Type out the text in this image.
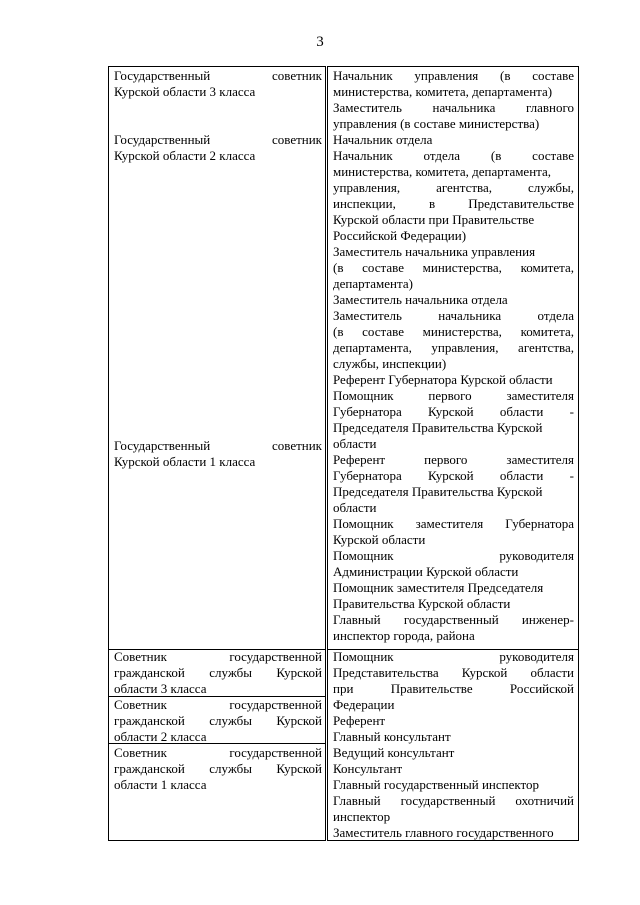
3
Государственный советник
Курской области 3 класса
Государственный советник
Курской области 2 класса
Государственный советник
Курской области 1 класса
Советник государственной
гражданской службы Курской
области 3 класса
Советник государственной
гражданской службы Курской
области 2 класса
Советник государственной
гражданской службы Курской
области 1 класса
Начальник управления (в составе
министерства, комитета, департамента)
Заместитель начальника главного
управления (в составе министерства)
Начальник отдела
Начальник отдела (в составе
министерства, комитета, департамента,
управления, агентства, службы,
инспекции, в Представительстве
Курской области при Правительстве
Российской Федерации)
Заместитель начальника управления
(в составе министерства, комитета,
департамента)
Заместитель начальника отдела
Заместитель начальника отдела
(в составе министерства, комитета,
департамента, управления, агентства,
службы, инспекции)
Референт Губернатора Курской области
Помощник первого заместителя
Губернатора Курской области -
Председателя Правительства Курской
области
Референт первого заместителя
Губернатора Курской области -
Председателя Правительства Курской
области
Помощник заместителя Губернатора
Курской области
Помощник руководителя
Администрации Курской области
Помощник заместителя Председателя
Правительства Курской области
Главный государственный инженер-
инспектор города, района
Помощник руководителя
Представительства Курской области
при Правительстве Российской
Федерации
Референт
Главный консультант
Ведущий консультант
Консультант
Главный государственный инспектор
Главный государственный охотничий
инспектор
Заместитель главного государственного
